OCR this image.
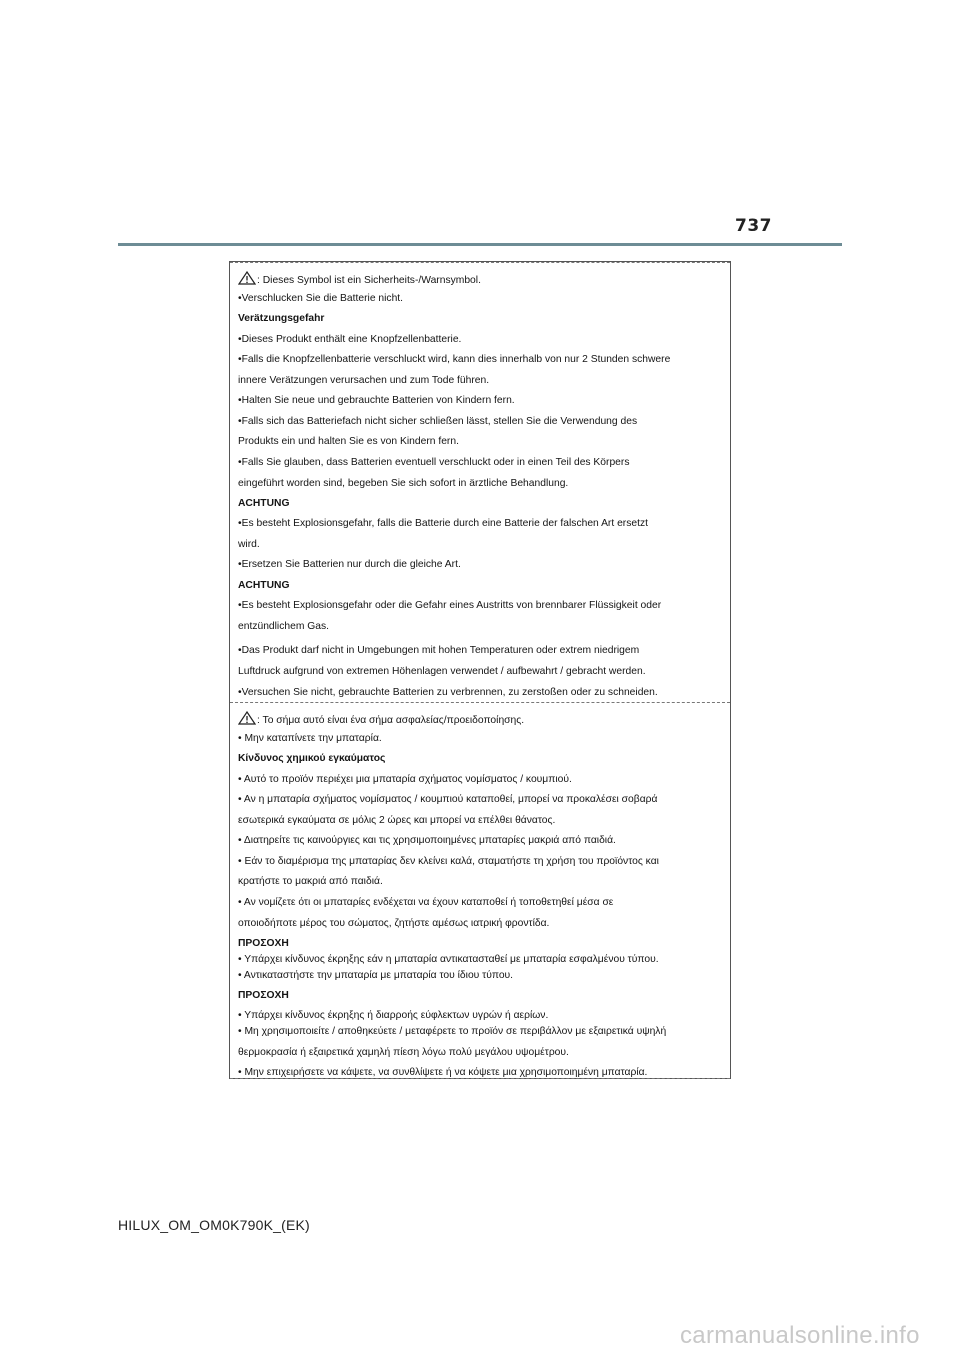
737
: Dieses Symbol ist ein Sicherheits-/Warnsymbol.
•Verschlucken Sie die Batterie nicht.
Verätzungsgefahr
•Dieses Produkt enthält eine Knopfzellenbatterie.
•Falls die Knopfzellenbatterie verschluckt wird, kann dies innerhalb von nur 2 Stunden schwere
innere Verätzungen verursachen und zum Tode führen.
•Halten Sie neue und gebrauchte Batterien von Kindern fern.
•Falls sich das Batteriefach nicht sicher schließen lässt, stellen Sie die Verwendung des
Produkts ein und halten Sie es von Kindern fern.
•Falls Sie glauben, dass Batterien eventuell verschluckt oder in einen Teil des Körpers
eingeführt worden sind, begeben Sie sich sofort in ärztliche Behandlung.
ACHTUNG
•Es besteht Explosionsgefahr, falls die Batterie durch eine Batterie der falschen Art ersetzt
wird.
•Ersetzen Sie Batterien nur durch die gleiche Art.
ACHTUNG
•Es besteht Explosionsgefahr oder die Gefahr eines Austritts von brennbarer Flüssigkeit oder
entzündlichem Gas.
•Das Produkt darf nicht in Umgebungen mit hohen Temperaturen oder extrem niedrigem
Luftdruck aufgrund von extremen Höhenlagen verwendet / aufbewahrt / gebracht werden.
•Versuchen Sie nicht, gebrauchte Batterien zu verbrennen, zu zerstoßen oder zu schneiden.
: Το σήμα αυτό είναι ένα σήμα ασφαλείας/προειδοποίησης.
• Μην καταπίνετε την μπαταρία.
Κίνδυνος χημικού εγκαύματος
• Αυτό το προϊόν περιέχει μια μπαταρία σχήματος νομίσματος / κουμπιού.
• Αν η μπαταρία σχήματος νομίσματος / κουμπιού καταποθεί, μπορεί να προκαλέσει σοβαρά
εσωτερικά εγκαύματα σε μόλις 2 ώρες και μπορεί να επέλθει θάνατος.
• Διατηρείτε τις καινούργιες και τις χρησιμοποιημένες μπαταρίες μακριά από παιδιά.
• Εάν το διαμέρισμα της μπαταρίας δεν κλείνει καλά, σταματήστε τη χρήση του προϊόντος και
κρατήστε το μακριά από παιδιά.
• Αν νομίζετε ότι οι μπαταρίες ενδέχεται να έχουν καταποθεί ή τοποθετηθεί μέσα σε
οποιοδήποτε μέρος του σώματος, ζητήστε αμέσως ιατρική φροντίδα.
ΠΡΟΣΟΧΗ
• Υπάρχει κίνδυνος έκρηξης εάν η μπαταρία αντικατασταθεί με μπαταρία εσφαλμένου τύπου.
• Αντικαταστήστε την μπαταρία με μπαταρία του ίδιου τύπου.
ΠΡΟΣΟΧΗ
• Υπάρχει κίνδυνος έκρηξης ή διαρροής εύφλεκτων υγρών ή αερίων.
• Μη χρησιμοποιείτε / αποθηκεύετε / μεταφέρετε το προϊόν σε περιβάλλον με εξαιρετικά υψηλή
θερμοκρασία ή εξαιρετικά χαμηλή πίεση λόγω πολύ μεγάλου υψομέτρου.
• Μην επιχειρήσετε να κάψετε, να συνθλίψετε ή να κόψετε μια χρησιμοποιημένη μπαταρία.
HILUX_OM_OM0K790K_(EK)
carmanualsonline.info
